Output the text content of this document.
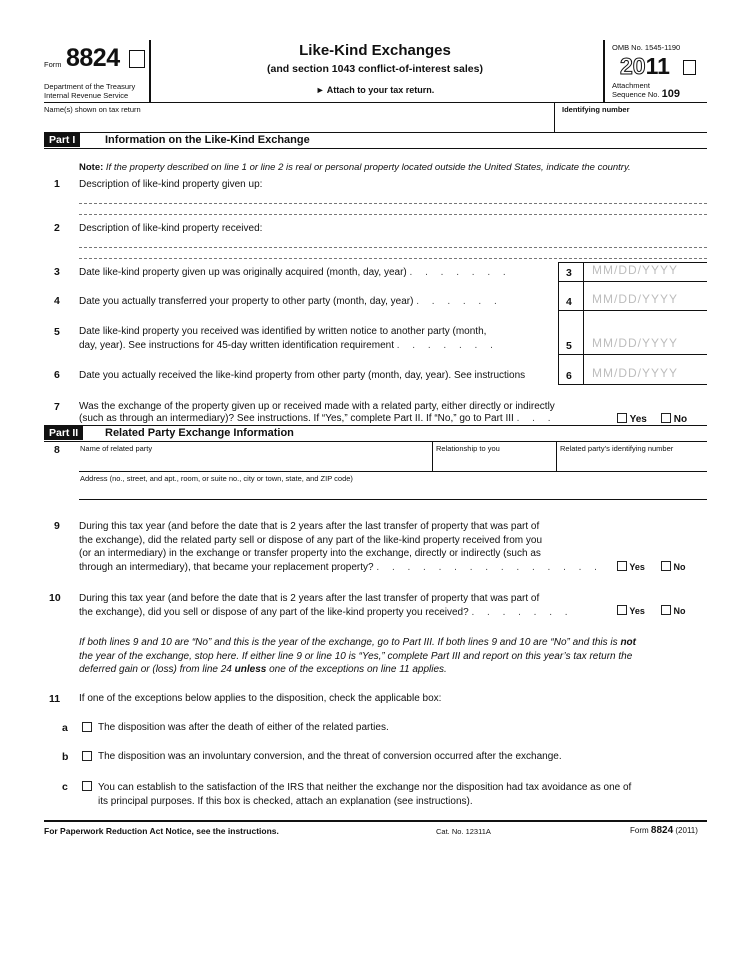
Form 8824
Department of the Treasury
Internal Revenue Service
Like-Kind Exchanges
(and section 1043 conflict-of-interest sales)
► Attach to your tax return.
OMB No. 1545-1190
2011
Attachment
Sequence No. 109
Name(s) shown on tax return	Identifying number
Part I	Information on the Like-Kind Exchange
Note: If the property described on line 1 or line 2 is real or personal property located outside the United States, indicate the country.
1 Description of like-kind property given up:
2 Description of like-kind property received:
3 Date like-kind property given up was originally acquired (month, day, year) . . . . . . .	3 MM/DD/YYYY
4 Date you actually transferred your property to other party (month, day, year) . . . . . .	4 MM/DD/YYYY
5 Date like-kind property you received was identified by written notice to another party (month,
day, year). See instructions for 45-day written identification requirement . . . . . . .	5 MM/DD/YYYY
6 Date you actually received the like-kind property from other party (month, day, year). See instructions	6 MM/DD/YYYY
7 Was the exchange of the property given up or received made with a related party, either directly or indirectly
(such as through an intermediary)? See instructions. If “Yes,” complete Part II. If “No,” go to Part III . . .	Yes	No
Part II	Related Party Exchange Information
8	Name of related party	Relationship to you	Related party’s identifying number
Address (no., street, and apt., room, or suite no., city or town, state, and ZIP code)
9 During this tax year (and before the date that is 2 years after the last transfer of property that was part of
the exchange), did the related party sell or dispose of any part of the like-kind property received from you
(or an intermediary) in the exchange or transfer property into the exchange, directly or indirectly (such as
through an intermediary), that became your replacement property? . . . . . . . . . . . . . . .	Yes	No
10 During this tax year (and before the date that is 2 years after the last transfer of property that was part of
the exchange), did you sell or dispose of any part of the like-kind property you received? . . . . . . .	Yes	No
If both lines 9 and 10 are “No” and this is the year of the exchange, go to Part III. If both lines 9 and 10 are “No” and this is not
the year of the exchange, stop here. If either line 9 or line 10 is “Yes,” complete Part III and report on this year’s tax return the
deferred gain or (loss) from line 24 unless one of the exceptions on line 11 applies.
11 If one of the exceptions below applies to the disposition, check the applicable box:
a	The disposition was after the death of either of the related parties.
b	The disposition was an involuntary conversion, and the threat of conversion occurred after the exchange.
c	You can establish to the satisfaction of the IRS that neither the exchange nor the disposition had tax avoidance as one of
its principal purposes. If this box is checked, attach an explanation (see instructions).
For Paperwork Reduction Act Notice, see the instructions.	Cat. No. 12311A	Form 8824 (2011)
